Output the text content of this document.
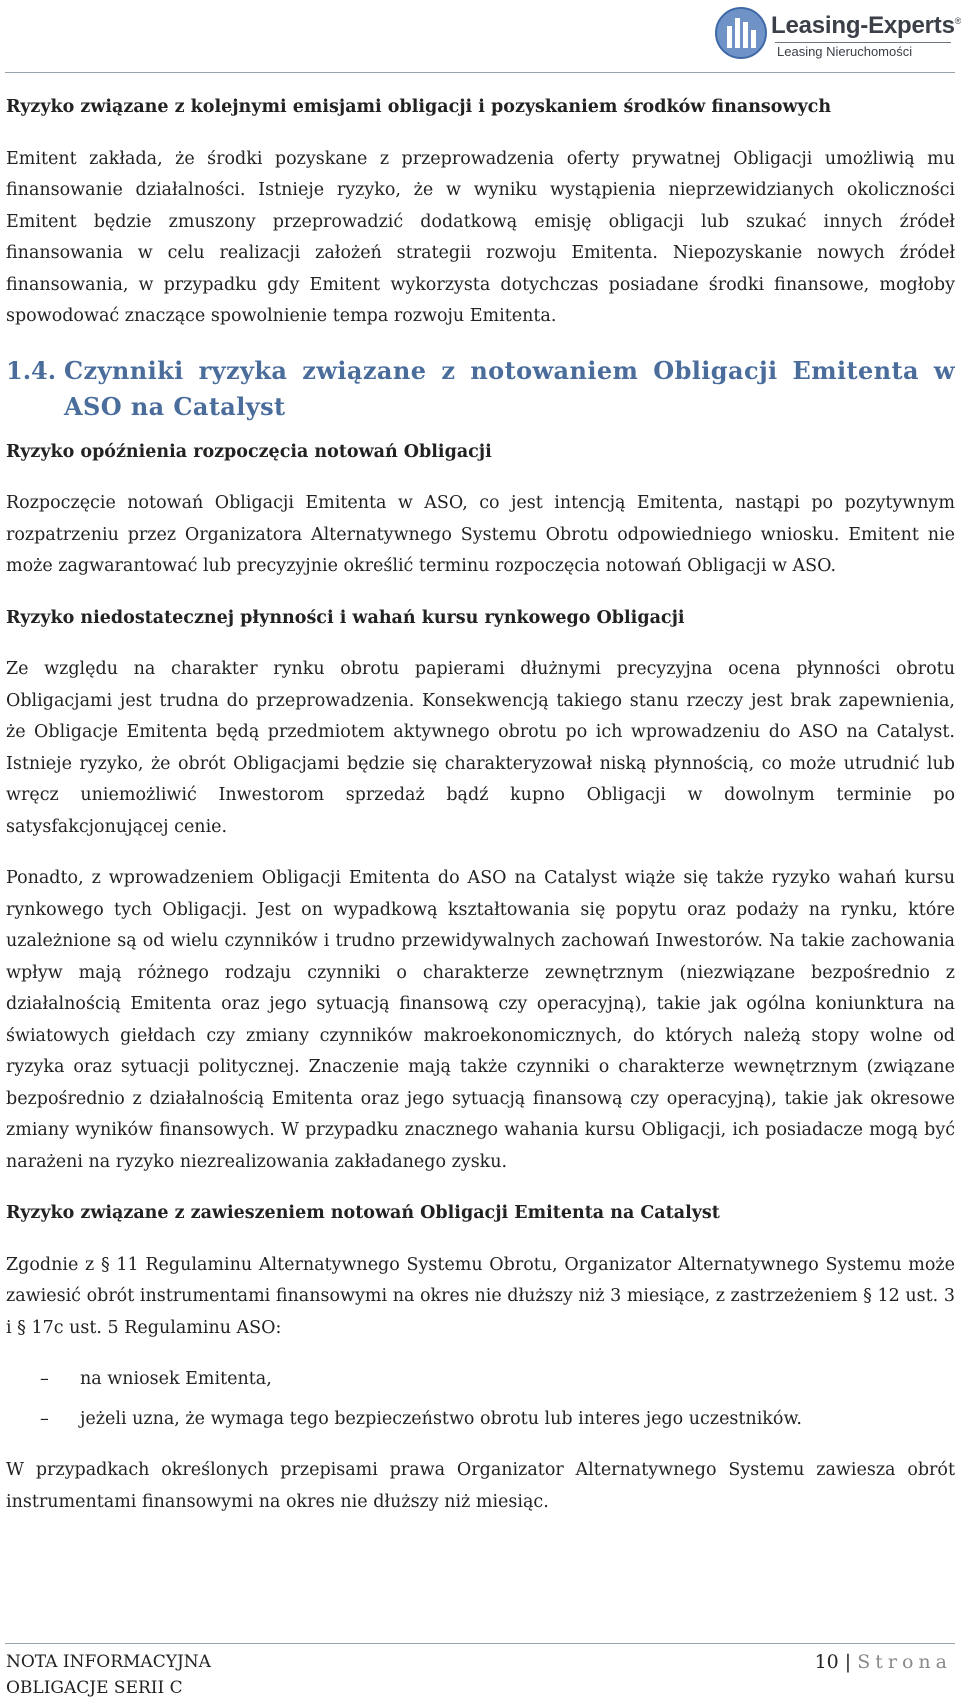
Leasing-Experts®
Leasing Nieruchomości
Ryzyko związane z kolejnymi emisjami obligacji i pozyskaniem środków finansowych

Emitent zakłada, że środki pozyskane z przeprowadzenia oferty prywatnej Obligacji umożliwią mu finansowanie działalności. Istnieje ryzyko, że w wyniku wystąpienia nieprzewidzianych okoliczności Emitent będzie zmuszony przeprowadzić dodatkową emisję obligacji lub szukać innych źródeł finansowania w celu realizacji założeń strategii rozwoju Emitenta. Niepozyskanie nowych źródeł finansowania, w przypadku gdy Emitent wykorzysta dotychczas posiadane środki finansowe, mogłoby spowodować znaczące spowolnienie tempa rozwoju Emitenta.

1.4. Czynniki ryzyka związane z notowaniem Obligacji Emitenta w ASO na Catalyst
Ryzyko opóźnienia rozpoczęcia notowań Obligacji

Rozpoczęcie notowań Obligacji Emitenta w ASO, co jest intencją Emitenta, nastąpi po pozytywnym rozpatrzeniu przez Organizatora Alternatywnego Systemu Obrotu odpowiedniego wniosku. Emitent nie może zagwarantować lub precyzyjnie określić terminu rozpoczęcia notowań Obligacji w ASO.

Ryzyko niedostatecznej płynności i wahań kursu rynkowego Obligacji

Ze względu na charakter rynku obrotu papierami dłużnymi precyzyjna ocena płynności obrotu Obligacjami jest trudna do przeprowadzenia. Konsekwencją takiego stanu rzeczy jest brak zapewnienia, że Obligacje Emitenta będą przedmiotem aktywnego obrotu po ich wprowadzeniu do ASO na Catalyst. Istnieje ryzyko, że obrót Obligacjami będzie się charakteryzował niską płynnością, co może utrudnić lub wręcz uniemożliwić Inwestorom sprzedaż bądź kupno Obligacji w dowolnym terminie po satysfakcjonującej cenie.

Ponadto, z wprowadzeniem Obligacji Emitenta do ASO na Catalyst wiąże się także ryzyko wahań kursu rynkowego tych Obligacji. Jest on wypadkową kształtowania się popytu oraz podaży na rynku, które uzależnione są od wielu czynników i trudno przewidywalnych zachowań Inwestorów. Na takie zachowania wpływ mają różnego rodzaju czynniki o charakterze zewnętrznym (niezwiązane bezpośrednio z działalnością Emitenta oraz jego sytuacją finansową czy operacyjną), takie jak ogólna koniunktura na światowych giełdach czy zmiany czynników makroekonomicznych, do których należą stopy wolne od ryzyka oraz sytuacji politycznej. Znaczenie mają także czynniki o charakterze wewnętrznym (związane bezpośrednio z działalnością Emitenta oraz jego sytuacją finansową czy operacyjną), takie jak okresowe zmiany wyników finansowych. W przypadku znacznego wahania kursu Obligacji, ich posiadacze mogą być narażeni na ryzyko niezrealizowania zakładanego zysku.

Ryzyko związane z zawieszeniem notowań Obligacji Emitenta na Catalyst

Zgodnie z § 11 Regulaminu Alternatywnego Systemu Obrotu, Organizator Alternatywnego Systemu może zawiesić obrót instrumentami finansowymi na okres nie dłuższy niż 3 miesiące, z zastrzeżeniem § 12 ust. 3 i § 17c ust. 5 Regulaminu ASO:

–	na wniosek Emitenta,
–	jeżeli uzna, że wymaga tego bezpieczeństwo obrotu lub interes jego uczestników.

W przypadkach określonych przepisami prawa Organizator Alternatywnego Systemu zawiesza obrót instrumentami finansowymi na okres nie dłuższy niż miesiąc.

NOTA INFORMACYJNA
OBLIGACJE SERII C
10 | Strona
